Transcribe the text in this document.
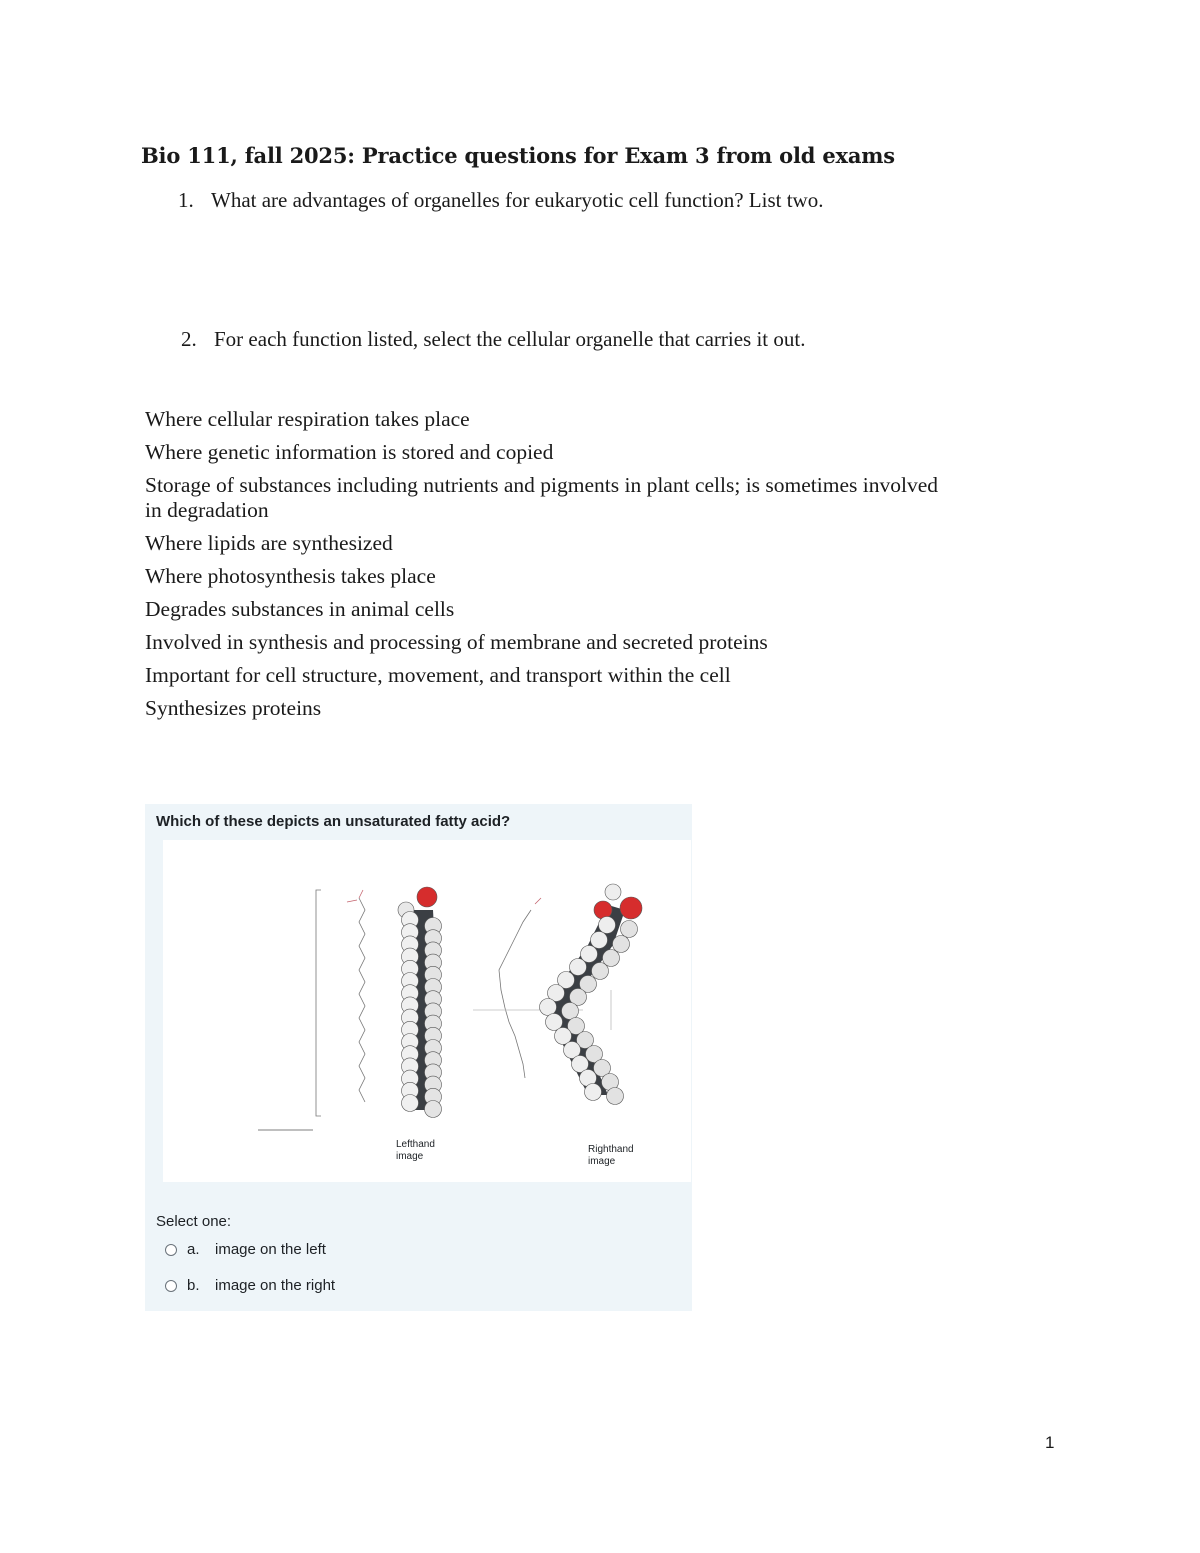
Bio 111, fall 2025: Practice questions for Exam 3 from old exams
1. What are advantages of organelles for eukaryotic cell function? List two.
2. For each function listed, select the cellular organelle that carries it out.
Where cellular respiration takes place
Where genetic information is stored and copied
Storage of substances including nutrients and pigments in plant cells; is sometimes involved in degradation
Where lipids are synthesized
Where photosynthesis takes place
Degrades substances in animal cells
Involved in synthesis and processing of membrane and secreted proteins
Important for cell structure, movement, and transport within the cell
Synthesizes proteins
Which of these depicts an unsaturated fatty acid?
Lefthand image
Righthand image
Select one:
a. image on the left
b. image on the right
1
